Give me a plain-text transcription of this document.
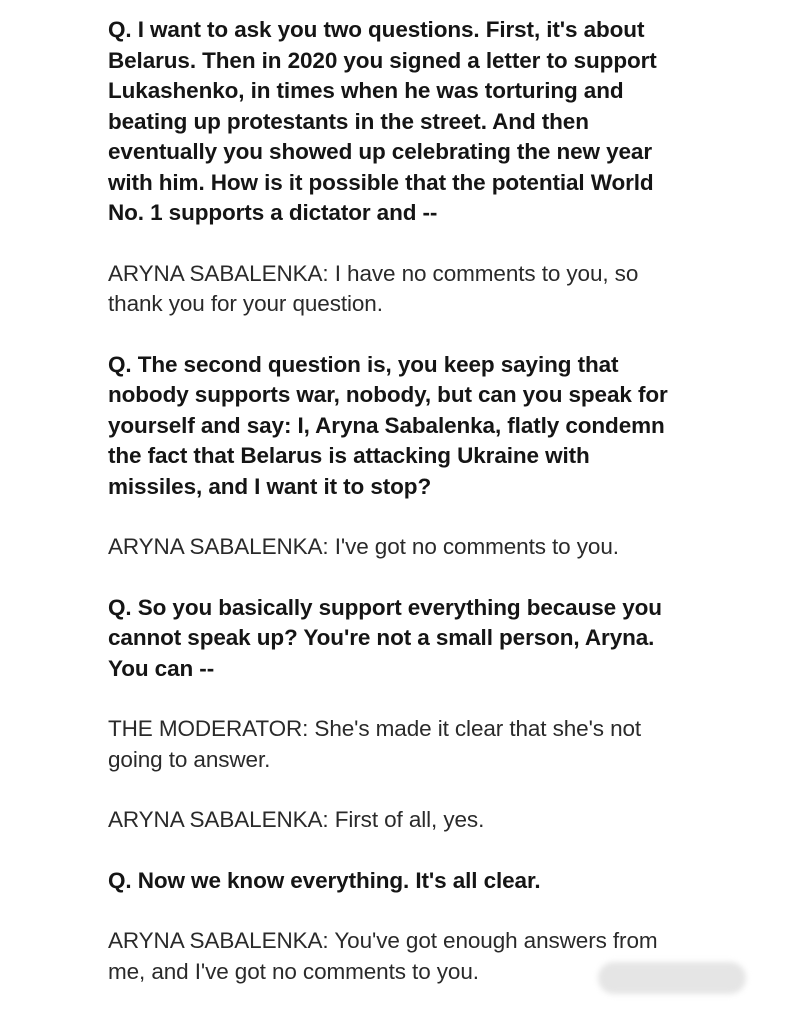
Q. I want to ask you two questions. First, it's about
Belarus. Then in 2020 you signed a letter to support
Lukashenko, in times when he was torturing and
beating up protestants in the street. And then
eventually you showed up celebrating the new year
with him. How is it possible that the potential World
No. 1 supports a dictator and --

ARYNA SABALENKA: I have no comments to you, so
thank you for your question.

Q. The second question is, you keep saying that
nobody supports war, nobody, but can you speak for
yourself and say: I, Aryna Sabalenka, flatly condemn
the fact that Belarus is attacking Ukraine with
missiles, and I want it to stop?

ARYNA SABALENKA: I've got no comments to you.

Q. So you basically support everything because you
cannot speak up? You're not a small person, Aryna.
You can --

THE MODERATOR: She's made it clear that she's not
going to answer.

ARYNA SABALENKA: First of all, yes.

Q. Now we know everything. It's all clear.

ARYNA SABALENKA: You've got enough answers from
me, and I've got no comments to you.
